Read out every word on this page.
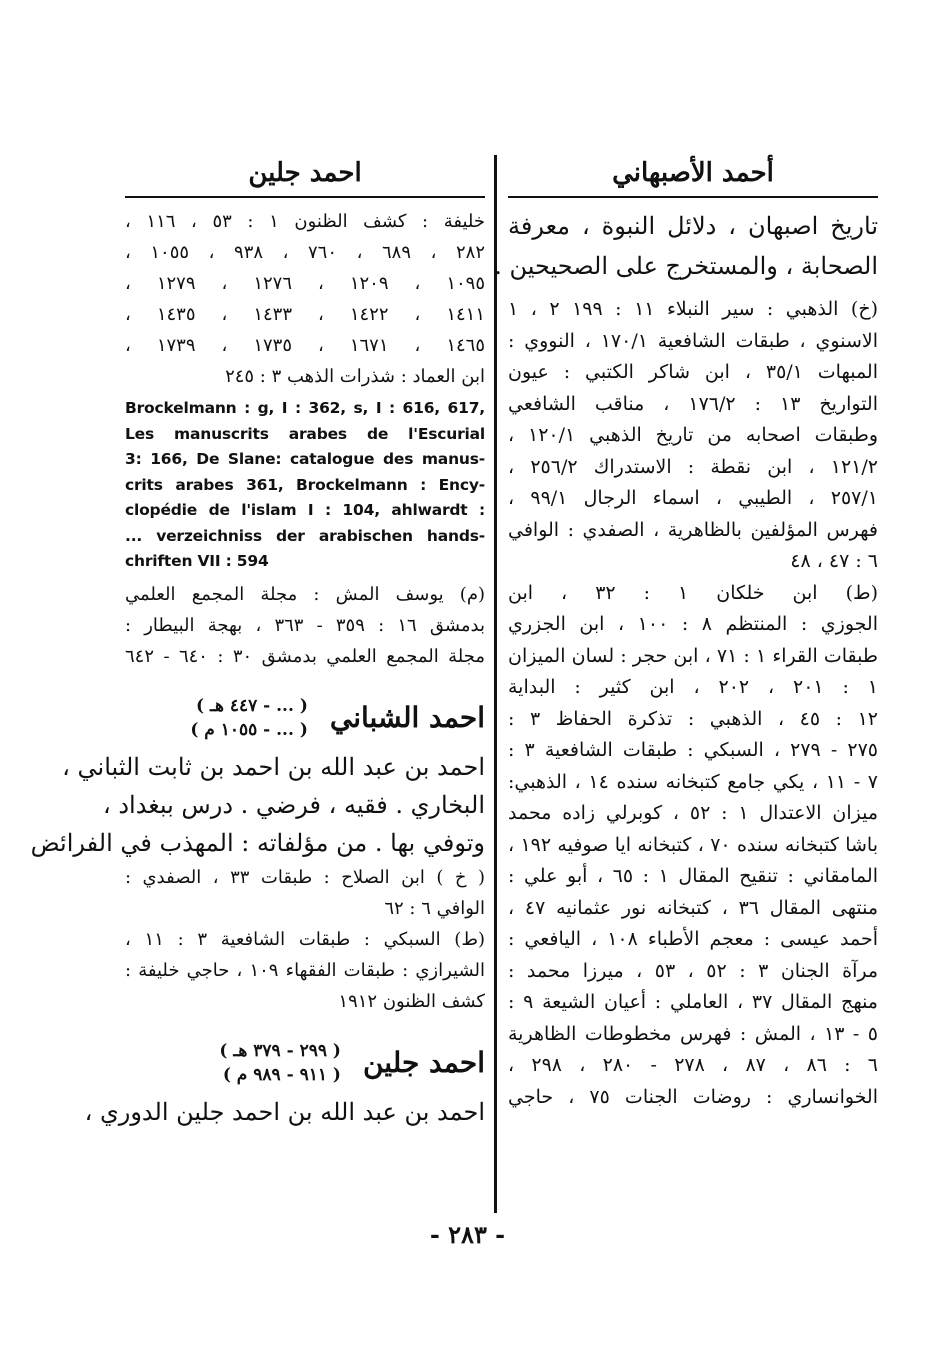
أحمد الأصبهاني
تاريخ اصبهان ، دلائل النبوة ، معرفة
الصحابة ، والمستخرج على الصحيحين .
(خ) الذهبي : سير النبلاء ١١ : ١٩٩ ٢ ، ١
الاسنوي ، طبقات الشافعية ١٧٠/١ ، النووي :
المبهات ٣٥/١ ، ابن شاكر الكتبي : عيون
التواريخ ١٣ : ١٧٦/٢ ، مناقب الشافعي
وطبقات اصحابه من تاريخ الذهبي ١٢٠/١ ،
١٢١/٢ ، ابن نقطة : الاستدراك ٢٥٦/٢ ،
٢٥٧/١ ، الطيبي ، اسماء الرجال ٩٩/١ ،
فهرس المؤلفين بالظاهرية ، الصفدي : الوافي
٦ : ٤٧ ، ٤٨
(ط) ابن خلكان ١ : ٣٢ ، ابن
الجوزي : المنتظم ٨ : ١٠٠ ، ابن الجزري
طبقات القراء ١ : ٧١ ، ابن حجر : لسان الميزان
١ : ٢٠١ ، ٢٠٢ ، ابن كثير : البداية
١٢ : ٤٥ ، الذهبي : تذكرة الحفاظ ٣ :
٢٧٥ - ٢٧٩ ، السبكي : طبقات الشافعية ٣ :
٧ - ١١ ، يكي جامع كتبخانه سنده ١٤ ، الذهبي:
ميزان الاعتدال ١ : ٥٢ ، كوبرلي زاده محمد
باشا كتبخانه سنده ٧٠ ، كتبخانه ايا صوفيه ١٩٢ ،
المامقاني : تنقيح المقال ١ : ٦٥ ، أبو علي :
منتهى المقال ٣٦ ، كتبخانه نور عثمانيه ٤٧ ،
أحمد عيسى : معجم الأطباء ١٠٨ ، اليافعي :
مرآة الجنان ٣ : ٥٢ ، ٥٣ ، ميرزا محمد :
منهج المقال ٣٧ ، العاملي : أعيان الشيعة ٩ :
٥ - ١٣ ، المش : فهرس مخطوطات الظاهرية
٦ : ٨٦ ، ٨٧ ، ٢٧٨ - ٢٨٠ ، ٢٩٨ ،
الخوانساري : روضات الجنات ٧٥ ، حاجي
احمد جلين
خليفة : كشف الظنون ١ : ٥٣ ، ١١٦ ،
٢٨٢ ، ٦٨٩ ، ٧٦٠ ، ٩٣٨ ، ١٠٥٥ ،
١٠٩٥ ، ١٢٠٩ ، ١٢٧٦ ، ١٢٧٩ ،
١٤١١ ، ١٤٢٢ ، ١٤٣٣ ، ١٤٣٥ ،
١٤٦٥ ، ١٦٧١ ، ١٧٣٥ ، ١٧٣٩ ،
ابن العماد : شذرات الذهب ٣ : ٢٤٥
Brockelmann : g, I : 362, s, I : 616, 617,
Les manuscrits arabes de l'Escurial
3: 166, De Slane: catalogue des manus-
crits arabes 361, Brockelmann : Ency-
clopédie de l'islam I : 104, ahlwardt :
... verzeichniss der arabischen hands-
chriften VII : 594
(م) يوسف المش : مجلة المجمع العلمي
بدمشق ١٦ : ٣٥٩ - ٣٦٣ ، بهجة البيطار :
مجلة المجمع العلمي بدمشق ٣٠ : ٦٤٠ - ٦٤٢
احمد الشباني
( ... - ٤٤٧ هـ )
( ... - ١٠٥٥ م )
احمد بن عبد الله بن احمد بن ثابت الثباني ،
البخاري . فقيه ، فرضي . درس ببغداد ،
وتوفي بها . من مؤلفاته : المهذب في الفرائض
( خ ) ابن الصلاح : طبقات ٣٣ ، الصفدي :
الوافي ٦ : ٦٢
(ط) السبكي : طبقات الشافعية ٣ : ١١ ،
الشيرازي : طبقات الفقهاء ١٠٩ ، حاجي خليفة :
كشف الظنون ١٩١٢
احمد جلين
( ٢٩٩ - ٣٧٩ هـ )
( ٩١١ - ٩٨٩ م )
احمد بن عبد الله بن احمد جلين الدوري ،
- ٢٨٣ -
